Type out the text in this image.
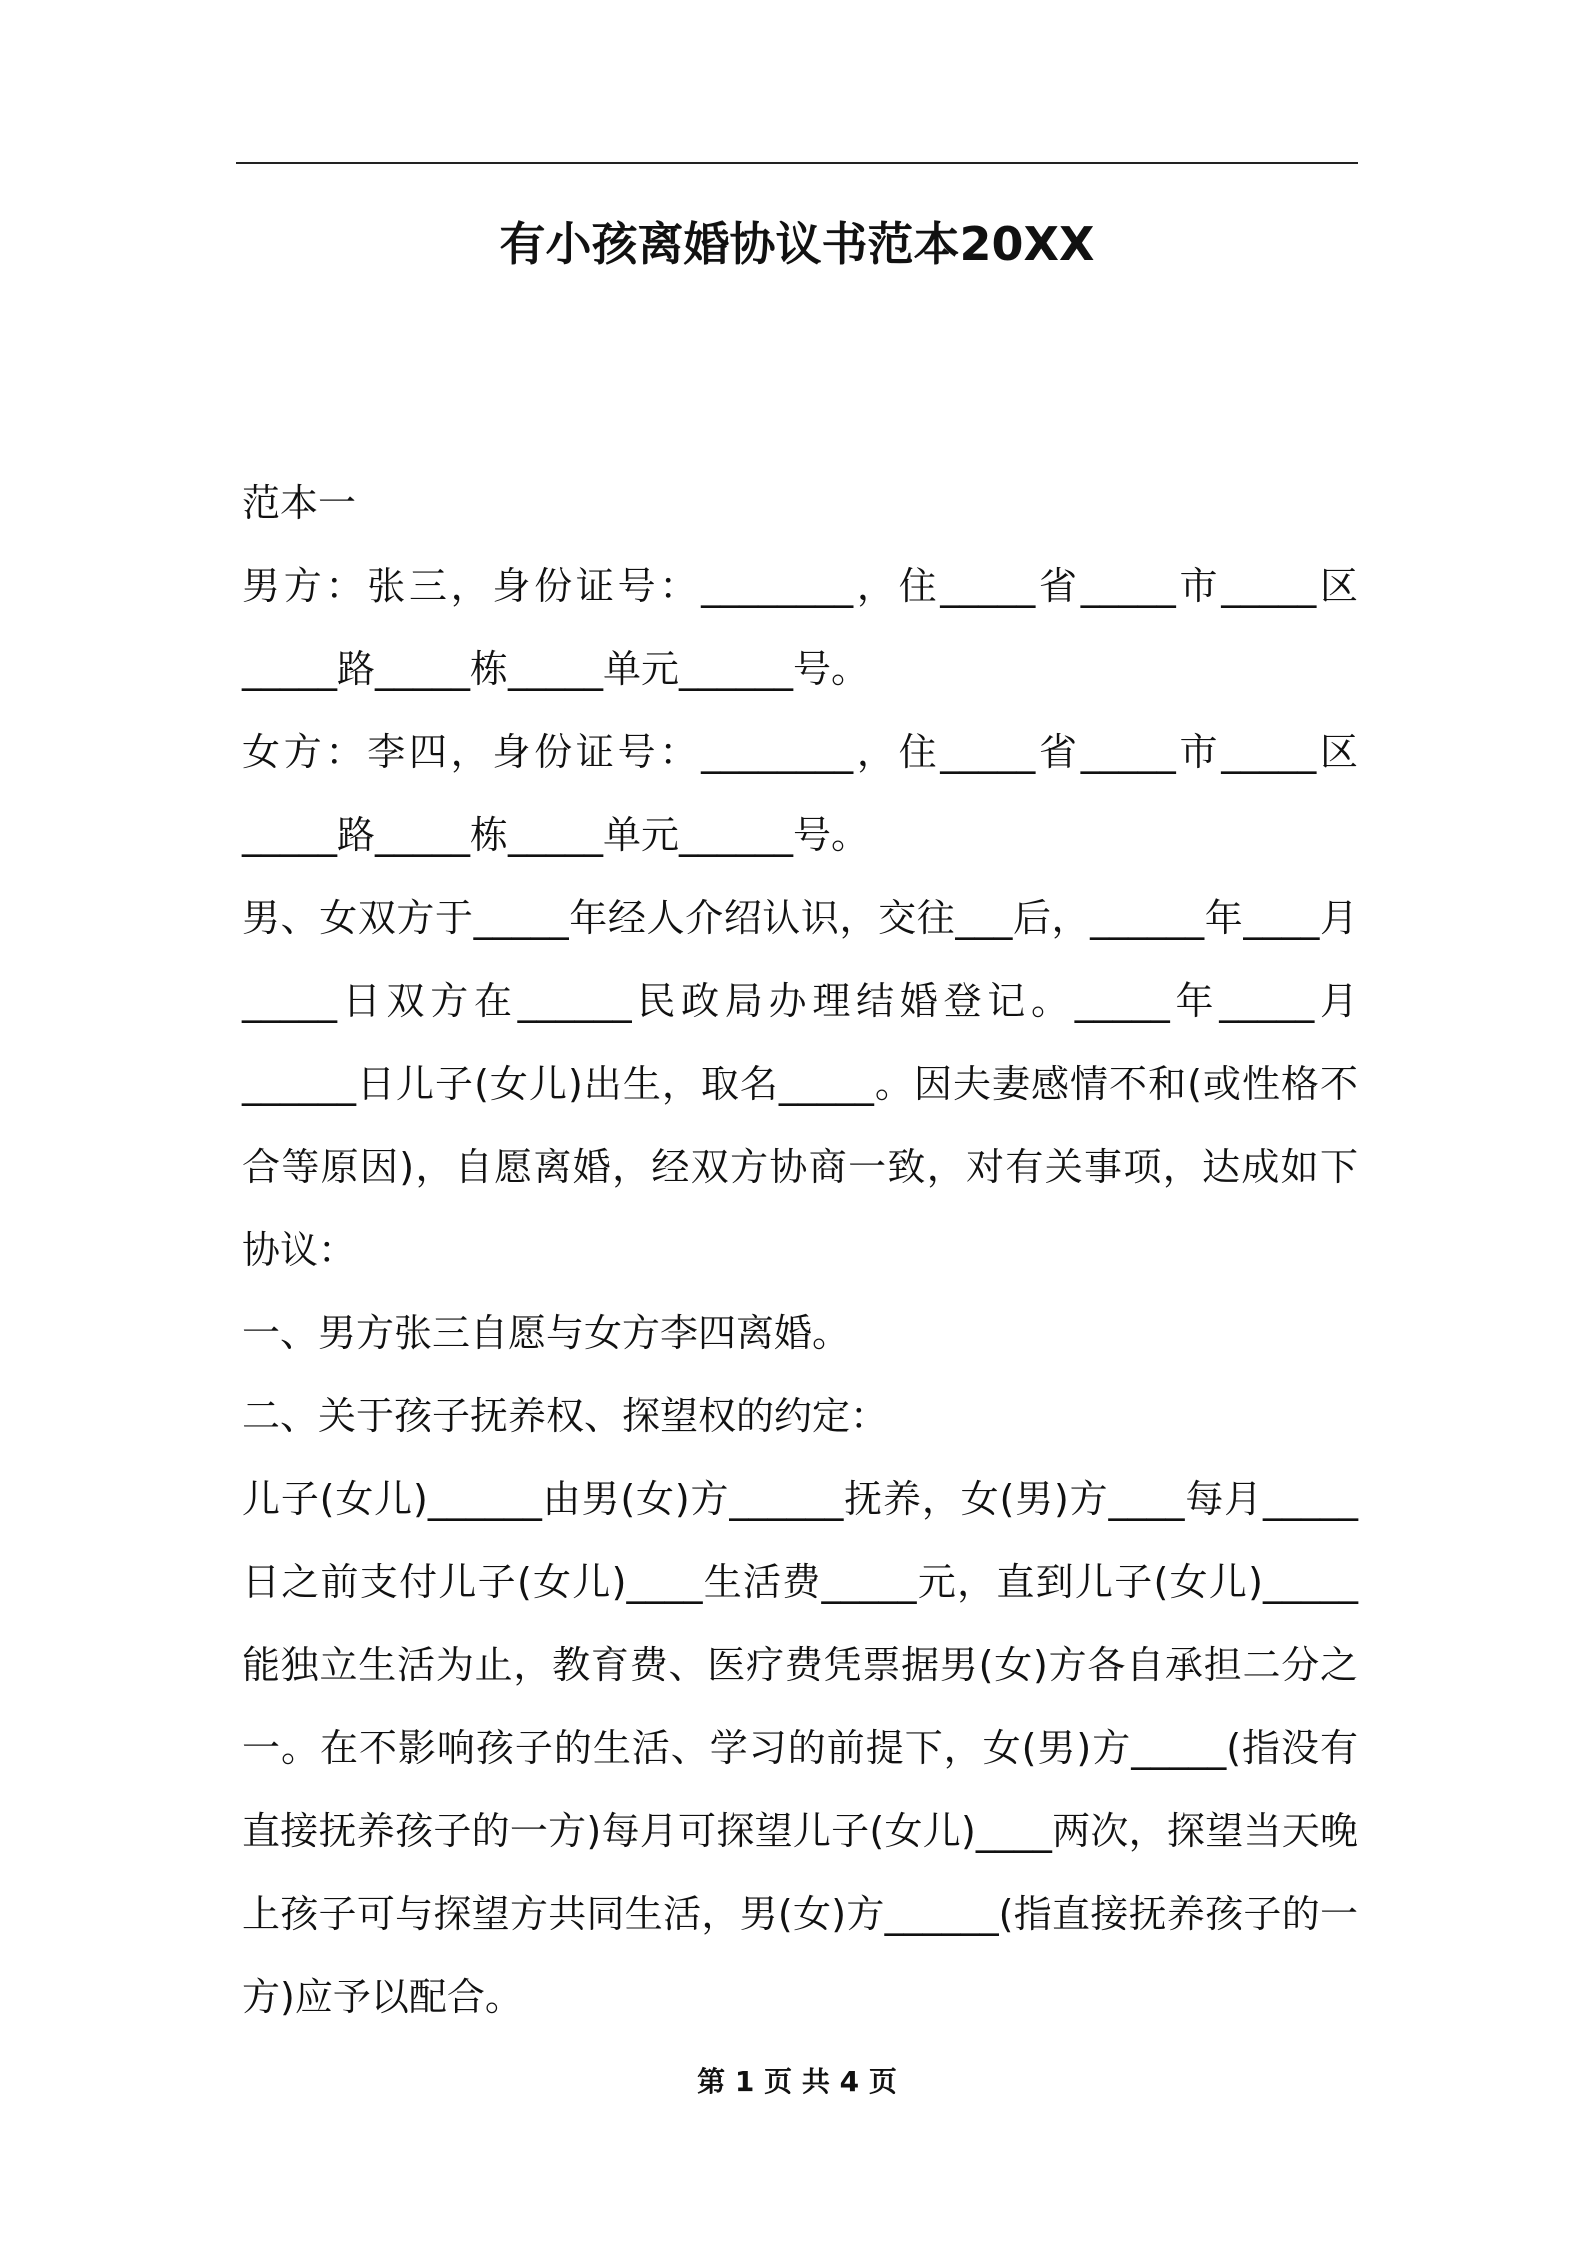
有小孩离婚协议书范本20XX

范本一

男方：张三，身份证号：________，住_____省_____市_____区_____路_____栋_____单元______号。

女方：李四，身份证号：________，住_____省_____市_____区_____路_____栋_____单元______号。

男、女双方于_____年经人介绍认识，交往___后，______年____月_____日双方在______民政局办理结婚登记。_____年_____月______日儿子(女儿)出生，取名_____。因夫妻感情不和(或性格不合等原因)，自愿离婚，经双方协商一致，对有关事项，达成如下协议：

一、男方张三自愿与女方李四离婚。

二、关于孩子抚养权、探望权的约定：

儿子(女儿)______由男(女)方______抚养，女(男)方____每月_____日之前支付儿子(女儿)____生活费_____元，直到儿子(女儿)_____能独立生活为止，教育费、医疗费凭票据男(女)方各自承担二分之一。在不影响孩子的生活、学习的前提下，女(男)方_____(指没有直接抚养孩子的一方)每月可探望儿子(女儿)____两次，探望当天晚上孩子可与探望方共同生活，男(女)方______(指直接抚养孩子的一方)应予以配合。

第 1 页 共 4 页
